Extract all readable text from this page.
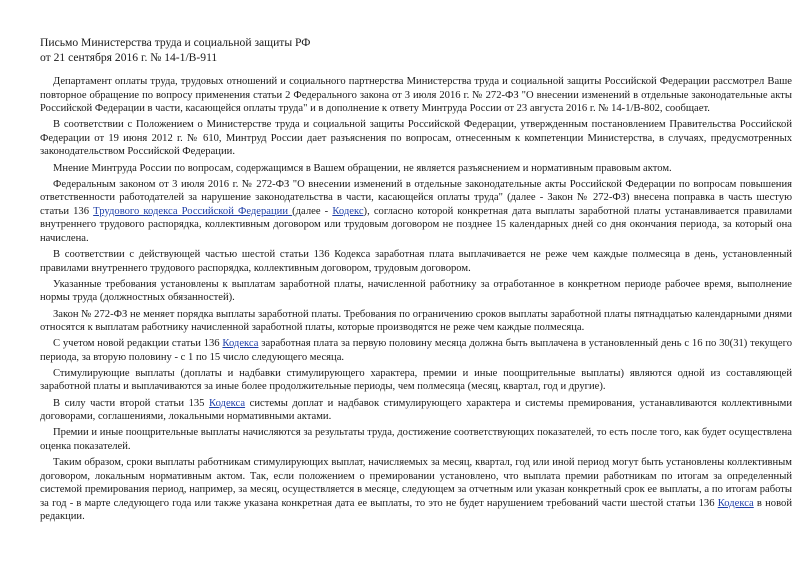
Письмо Министерства труда и социальной защиты РФ
от 21 сентября 2016 г. № 14-1/В-911

Департамент оплаты труда, трудовых отношений и социального партнерства Министерства труда и социальной защиты Российской Федерации рассмотрел Ваше повторное обращение по вопросу применения статьи 2 Федерального закона от 3 июля 2016 г. № 272-ФЗ "О внесении изменений в отдельные законодательные акты Российской Федерации в части, касающейся оплаты труда" и в дополнение к ответу Минтруда России от 23 августа 2016 г. № 14-1/В-802, сообщает.

В соответствии с Положением о Министерстве труда и социальной защиты Российской Федерации, утвержденным постановлением Правительства Российской Федерации от 19 июня 2012 г. № 610, Минтруд России дает разъяснения по вопросам, отнесенным к компетенции Министерства, в случаях, предусмотренных законодательством Российской Федерации.

Мнение Минтруда России по вопросам, содержащимся в Вашем обращении, не является разъяснением и нормативным правовым актом.

Федеральным законом от 3 июля 2016 г. № 272-ФЗ "О внесении изменений в отдельные законодательные акты Российской Федерации по вопросам повышения ответственности работодателей за нарушение законодательства в части, касающейся оплаты труда" (далее - Закон № 272-ФЗ) внесена поправка в часть шестую статьи 136 Трудового кодекса Российской Федерации (далее - Кодекс), согласно которой конкретная дата выплаты заработной платы устанавливается правилами внутреннего трудового распорядка, коллективным договором или трудовым договором не позднее 15 календарных дней со дня окончания периода, за который она начислена.

В соответствии с действующей частью шестой статьи 136 Кодекса заработная плата выплачивается не реже чем каждые полмесяца в день, установленный правилами внутреннего трудового распорядка, коллективным договором, трудовым договором.

Указанные требования установлены к выплатам заработной платы, начисленной работнику за отработанное в конкретном периоде рабочее время, выполнение нормы труда (должностных обязанностей).

Закон № 272-ФЗ не меняет порядка выплаты заработной платы. Требования по ограничению сроков выплаты заработной платы пятнадцатью календарными днями относятся к выплатам работнику начисленной заработной платы, которые производятся не реже чем каждые полмесяца.

С учетом новой редакции статьи 136 Кодекса заработная плата за первую половину месяца должна быть выплачена в установленный день с 16 по 30(31) текущего периода, за вторую половину - с 1 по 15 число следующего месяца.

Стимулирующие выплаты (доплаты и надбавки стимулирующего характера, премии и иные поощрительные выплаты) являются одной из составляющей заработной платы и выплачиваются за иные более продолжительные периоды, чем полмесяца (месяц, квартал, год и другие).

В силу части второй статьи 135 Кодекса системы доплат и надбавок стимулирующего характера и системы премирования, устанавливаются коллективными договорами, соглашениями, локальными нормативными актами.

Премии и иные поощрительные выплаты начисляются за результаты труда, достижение соответствующих показателей, то есть после того, как будет осуществлена оценка показателей.

Таким образом, сроки выплаты работникам стимулирующих выплат, начисляемых за месяц, квартал, год или иной период могут быть установлены коллективным договором, локальным нормативным актом. Так, если положением о премировании установлено, что выплата премии работникам по итогам за определенный системой премирования период, например, за месяц, осуществляется в месяце, следующем за отчетным или указан конкретный срок ее выплаты, а по итогам работы за год - в марте следующего года или также указана конкретная дата ее выплаты, то это не будет нарушением требований части шестой статьи 136 Кодекса в новой редакции.
